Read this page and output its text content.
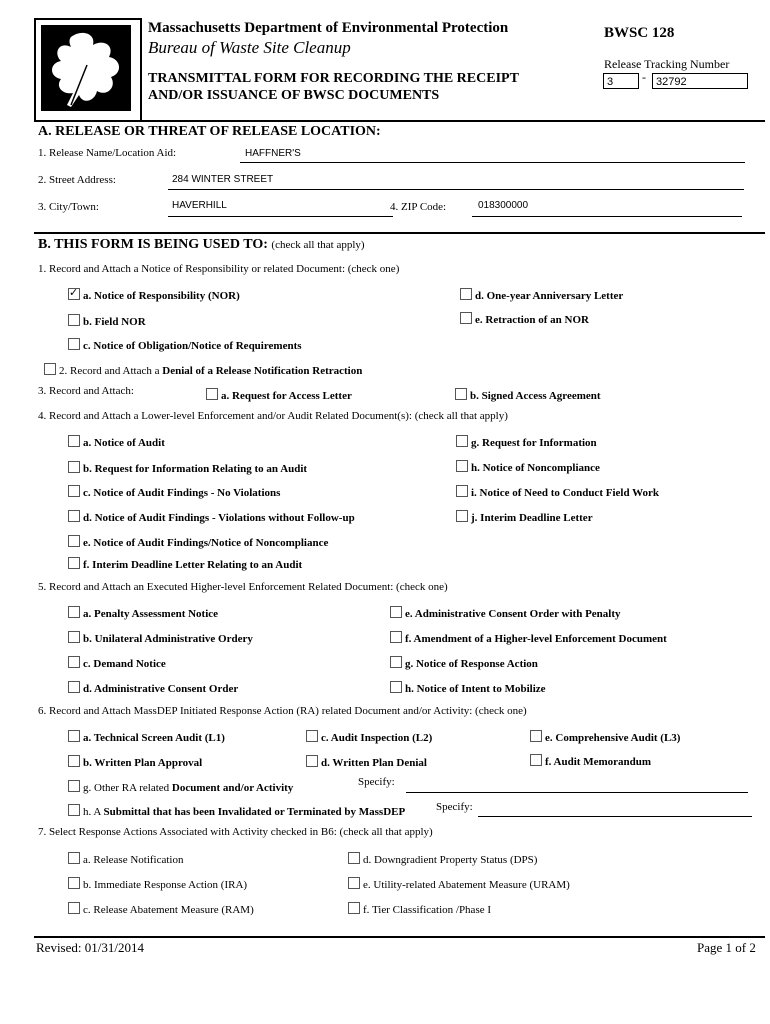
Massachusetts Department of Environmental Protection
Bureau of Waste Site Cleanup
TRANSMITTAL FORM FOR RECORDING THE RECEIPT
AND/OR ISSUANCE OF BWSC DOCUMENTS
BWSC 128
Release Tracking Number
3	- 32792
A. RELEASE OR THREAT OF RELEASE LOCATION:
1. Release Name/Location Aid:	HAFFNER'S
2. Street Address:	284 WINTER STREET
3. City/Town:	HAVERHILL	4. ZIP Code:	018300000
B. THIS FORM IS BEING USED TO: (check all that apply)
1. Record and Attach a Notice of Responsibility or related Document: (check one)
✓a. Notice of Responsibility (NOR)
b. Field NOR
c. Notice of Obligation/Notice of Requirements
d. One-year Anniversary Letter
e. Retraction of an NOR
2. Record and Attach a Denial of a Release Notification Retraction
3. Record and Attach:	a. Request for Access Letter	b. Signed Access Agreement
4. Record and Attach a Lower-level Enforcement and/or Audit Related Document(s): (check all that apply)
a. Notice of Audit
b. Request for Information Relating to an Audit
c. Notice of Audit Findings - No Violations
d. Notice of Audit Findings - Violations without Follow-up
e. Notice of Audit Findings/Notice of Noncompliance
f. Interim Deadline Letter Relating to an Audit
g. Request for Information
h. Notice of Noncompliance
i. Notice of Need to Conduct Field Work
j. Interim Deadline Letter
5. Record and Attach an Executed Higher-level Enforcement Related Document: (check one)
a. Penalty Assessment Notice
b. Unilateral Administrative Ordery
c. Demand Notice
d. Administrative Consent Order
e. Administrative Consent Order with Penalty
f. Amendment of a Higher-level Enforcement Document
g. Notice of Response Action
h. Notice of Intent to Mobilize
6. Record and Attach MassDEP Initiated Response Action (RA) related Document and/or Activity: (check one)
a. Technical Screen Audit (L1)
b. Written Plan Approval
c. Audit Inspection (L2)
d. Written Plan Denial
e. Comprehensive Audit (L3)
f. Audit Memorandum
g. Other RA related Document and/or Activity	Specify:
h. A Submittal that has been Invalidated or Terminated by MassDEP	Specify:
7. Select Response Actions Associated with Activity checked in B6: (check all that apply)
a. Release Notification
b. Immediate Response Action (IRA)
c. Release Abatement Measure (RAM)
d. Downgradient Property Status (DPS)
e. Utility-related Abatement Measure (URAM)
f. Tier Classification /Phase I
Revised: 01/31/2014	Page 1 of 2
